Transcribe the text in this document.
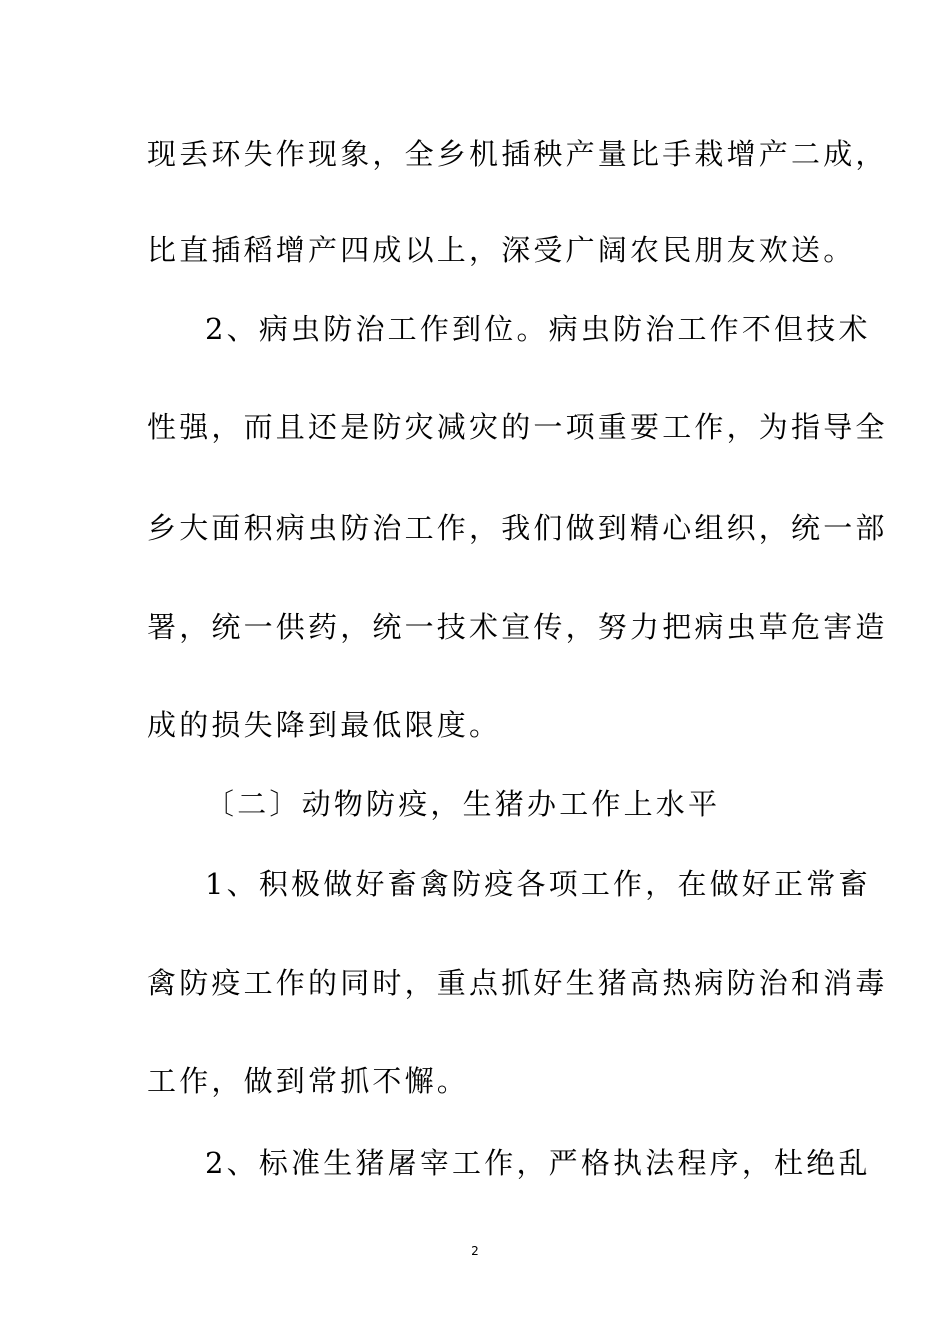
现丢环失作现象，全乡机插秧产量比手栽增产二成，
比直插稻增产四成以上，深受广阔农民朋友欢送。
2、病虫防治工作到位。病虫防治工作不但技术
性强，而且还是防灾减灾的一项重要工作，为指导全
乡大面积病虫防治工作，我们做到精心组织，统一部
署，统一供药，统一技术宣传，努力把病虫草危害造
成的损失降到最低限度。
〔二〕动物防疫，生猪办工作上水平
1、积极做好畜禽防疫各项工作，在做好正常畜
禽防疫工作的同时，重点抓好生猪高热病防治和消毒
工作，做到常抓不懈。
2、标准生猪屠宰工作，严格执法程序，杜绝乱
2
